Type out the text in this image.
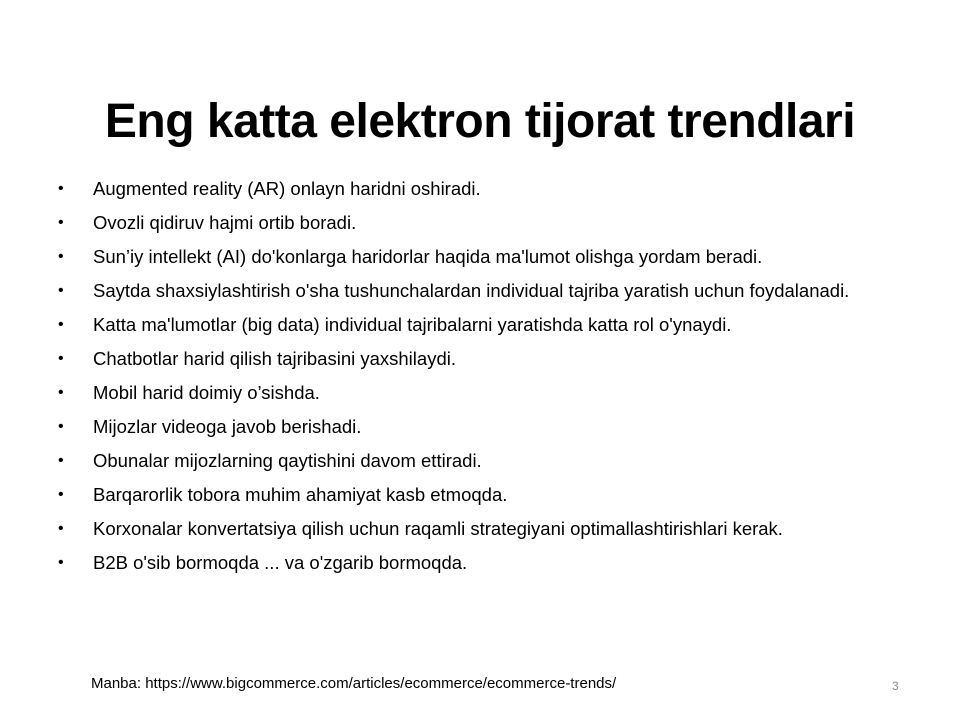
Eng katta elektron tijorat trendlari
•	Augmented reality (AR) onlayn haridni oshiradi.
•	Ovozli qidiruv hajmi ortib boradi.
•	Sun’iy intellekt (AI) do'konlarga haridorlar haqida ma'lumot olishga yordam beradi.
•	Saytda shaxsiylashtirish o'sha tushunchalardan individual tajriba yaratish uchun foydalanadi.
•	Katta ma'lumotlar (big data) individual tajribalarni yaratishda katta rol o'ynaydi.
•	Chatbotlar harid qilish tajribasini yaxshilaydi.
•	Mobil harid doimiy o’sishda.
•	Mijozlar videoga javob berishadi.
•	Obunalar mijozlarning qaytishini davom ettiradi.
•	Barqarorlik tobora muhim ahamiyat kasb etmoqda.
•	Korxonalar konvertatsiya qilish uchun raqamli strategiyani optimallashtirishlari kerak.
•	B2B o'sib bormoqda ... va o'zgarib bormoqda.
Manba: https://www.bigcommerce.com/articles/ecommerce/ecommerce-trends/	3
